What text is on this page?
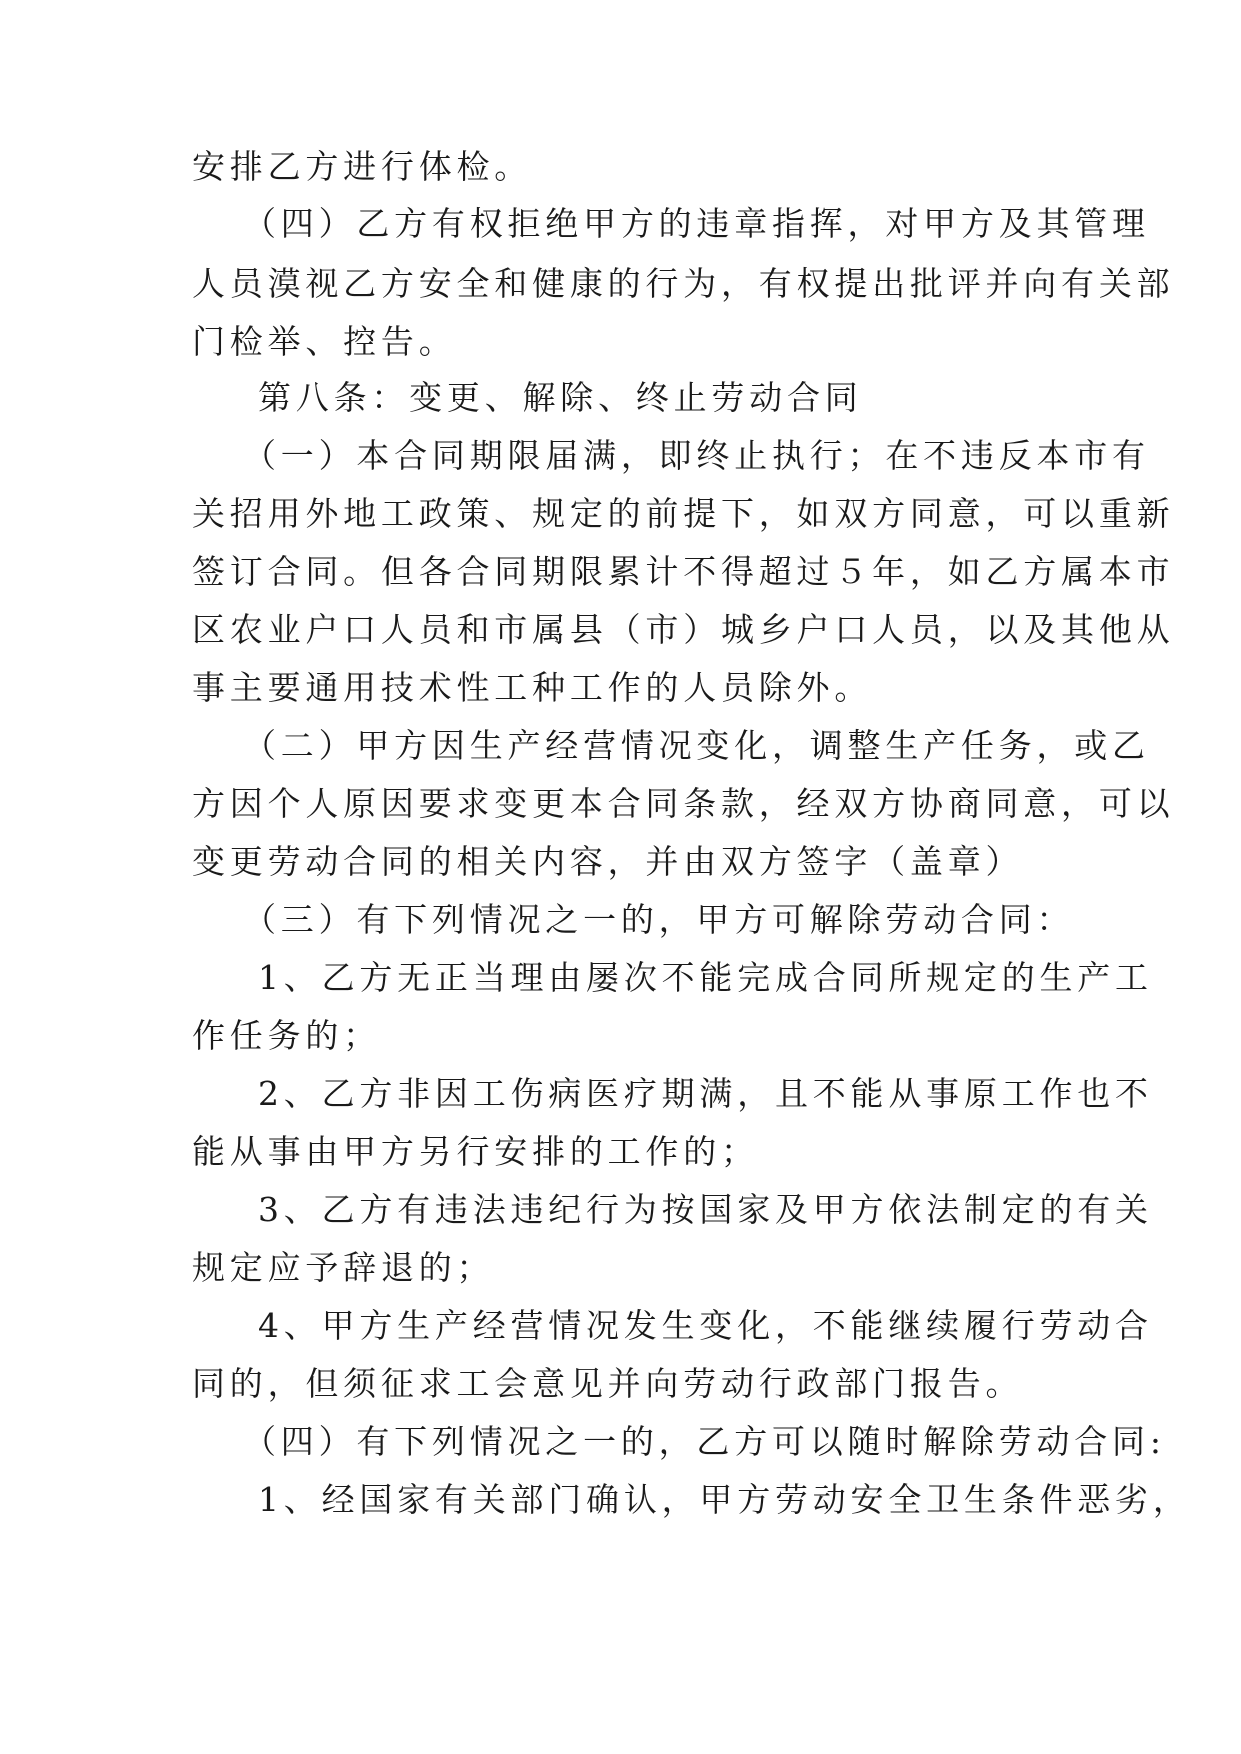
安排乙方进行体检。
（四）乙方有权拒绝甲方的违章指挥，对甲方及其管理
人员漠视乙方安全和健康的行为，有权提出批评并向有关部
门检举、控告。
第八条：变更、解除、终止劳动合同
（一）本合同期限届满，即终止执行；在不违反本市有
关招用外地工政策、规定的前提下，如双方同意，可以重新
签订合同。但各合同期限累计不得超过５年，如乙方属本市
区农业户口人员和市属县（市）城乡户口人员，以及其他从
事主要通用技术性工种工作的人员除外。
（二）甲方因生产经营情况变化，调整生产任务，或乙
方因个人原因要求变更本合同条款，经双方协商同意，可以
变更劳动合同的相关内容，并由双方签字（盖章）
（三）有下列情况之一的，甲方可解除劳动合同：
1、乙方无正当理由屡次不能完成合同所规定的生产工
作任务的；
2、乙方非因工伤病医疗期满，且不能从事原工作也不
能从事由甲方另行安排的工作的；
3、乙方有违法违纪行为按国家及甲方依法制定的有关
规定应予辞退的；
4、甲方生产经营情况发生变化，不能继续履行劳动合
同的，但须征求工会意见并向劳动行政部门报告。
（四）有下列情况之一的，乙方可以随时解除劳动合同:
1、经国家有关部门确认，甲方劳动安全卫生条件恶劣，
